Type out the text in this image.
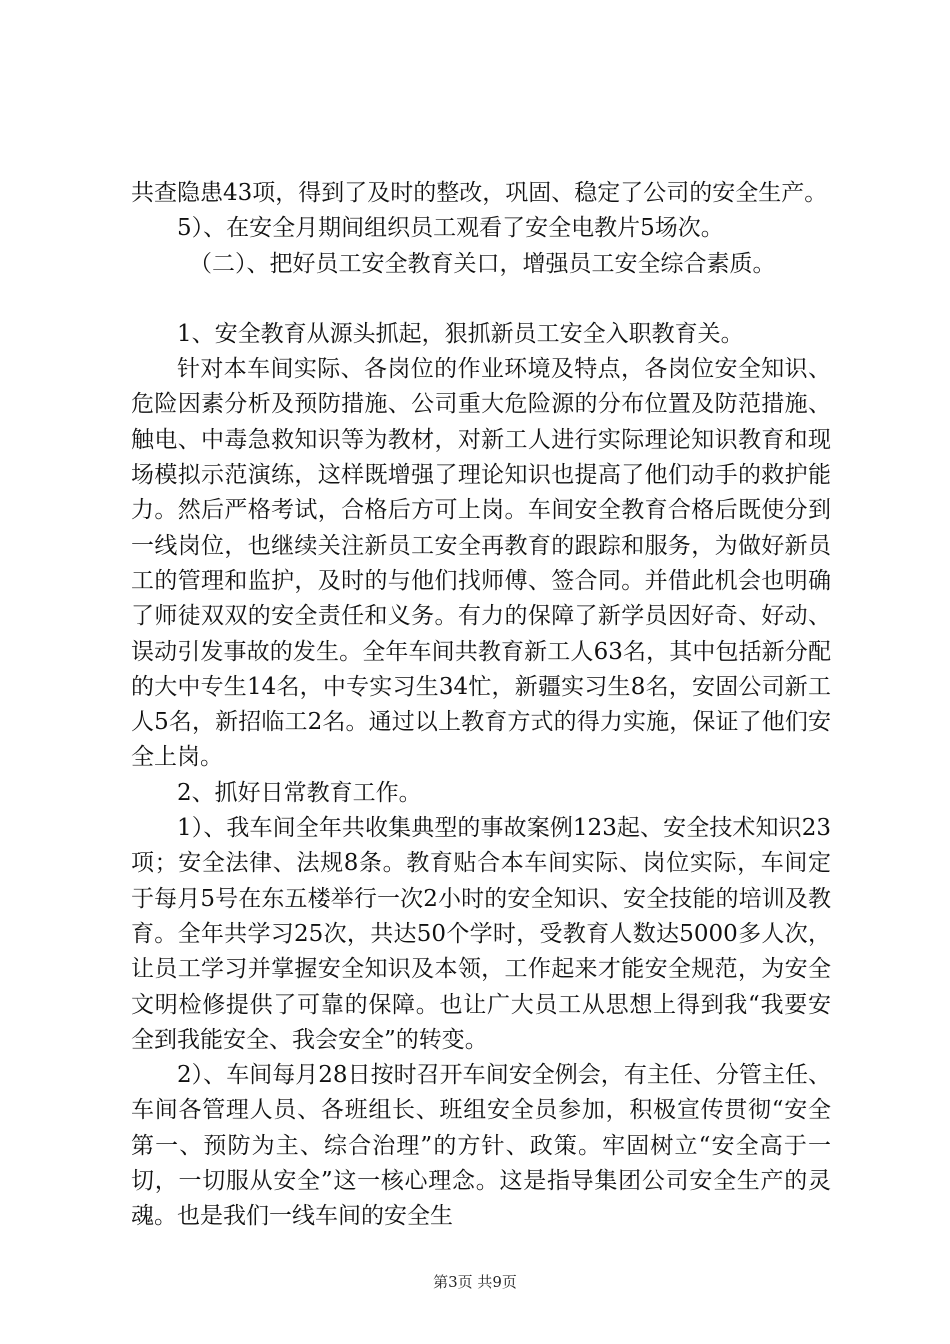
共查隐患43项，得到了及时的整改，巩固、稳定了公司的安全生产。

5）、在安全月期间组织员工观看了安全电教片5场次。

（二）、把好员工安全教育关口，增强员工安全综合素质。

1、安全教育从源头抓起，狠抓新员工安全入职教育关。

针对本车间实际、各岗位的作业环境及特点，各岗位安全知识、危险因素分析及预防措施、公司重大危险源的分布位置及防范措施、触电、中毒急救知识等为教材，对新工人进行实际理论知识教育和现场模拟示范演练，这样既增强了理论知识也提高了他们动手的救护能力。然后严格考试，合格后方可上岗。车间安全教育合格后既使分到一线岗位，也继续关注新员工安全再教育的跟踪和服务，为做好新员工的管理和监护，及时的与他们找师傅、签合同。并借此机会也明确了师徒双双的安全责任和义务。有力的保障了新学员因好奇、好动、误动引发事故的发生。全年车间共教育新工人63名，其中包括新分配的大中专生14名，中专实习生34忙，新疆实习生8名，安固公司新工人5名，新招临工2名。通过以上教育方式的得力实施，保证了他们安全上岗。

2、抓好日常教育工作。

1）、我车间全年共收集典型的事故案例123起、安全技术知识23项；安全法律、法规8条。教育贴合本车间实际、岗位实际，车间定于每月5号在东五楼举行一次2小时的安全知识、安全技能的培训及教育。全年共学习25次，共达50个学时，受教育人数达5000多人次，让员工学习并掌握安全知识及本领，工作起来才能安全规范，为安全文明检修提供了可靠的保障。也让广大员工从思想上得到我“我要安全到我能安全、我会安全”的转变。

2）、车间每月28日按时召开车间安全例会，有主任、分管主任、车间各管理人员、各班组长、班组安全员参加，积极宣传贯彻“安全第一、预防为主、综合治理”的方针、政策。牢固树立“安全高于一切，一切服从安全”这一核心理念。这是指导集团公司安全生产的灵魂。也是我们一线车间的安全生

第3页 共9页
